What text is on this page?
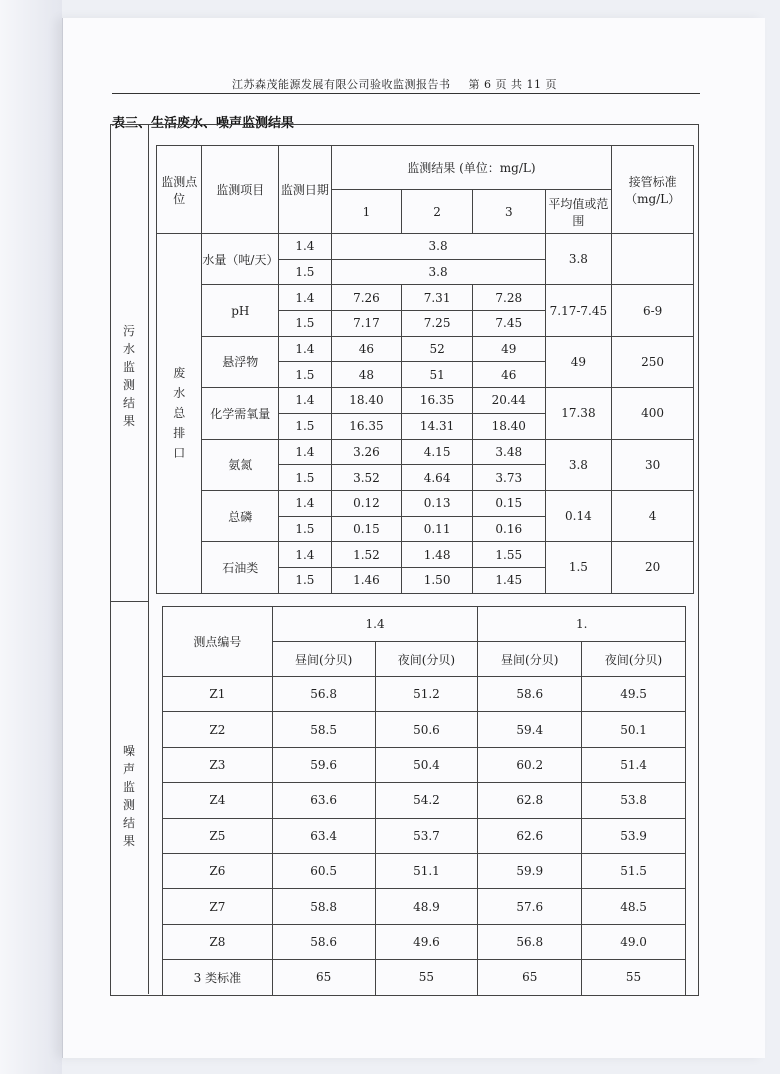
江苏森茂能源发展有限公司验收监测报告书 第 6 页 共 11 页
表三、生活废水、噪声监测结果
污
水
监
测
结
果
噪
声
监
测
结
果
监测点位	监测项目	监测日期	监测结果 (单位：mg/L)				接管标准（mg/L）
			1	2	3	平均值或范围	
废
水
总
排
口	水量（吨/天）	1.4	3.8			3.8	
		1.5	3.8				
	pH	1.4	7.26	7.31	7.28	7.17-7.45	6-9
		1.5	7.17	7.25	7.45		
	悬浮物	1.4	46	52	49	49	250
		1.5	48	51	46		
	化学需氧量	1.4	18.40	16.35	20.44	17.38	400
		1.5	16.35	14.31	18.40		
	氨氮	1.4	3.26	4.15	3.48	3.8	30
		1.5	3.52	4.64	3.73		
	总磷	1.4	0.12	0.13	0.15	0.14	4
		1.5	0.15	0.11	0.16		
	石油类	1.4	1.52	1.48	1.55	1.5	20
		1.5	1.46	1.50	1.45		
测点编号	1.4		1.	
	昼间(分贝)	夜间(分贝)	昼间(分贝)	夜间(分贝)
Z1	56.8	51.2	58.6	49.5
Z2	58.5	50.6	59.4	50.1
Z3	59.6	50.4	60.2	51.4
Z4	63.6	54.2	62.8	53.8
Z5	63.4	53.7	62.6	53.9
Z6	60.5	51.1	59.9	51.5
Z7	58.8	48.9	57.6	48.5
Z8	58.6	49.6	56.8	49.0
3 类标准	65	55	65	55
